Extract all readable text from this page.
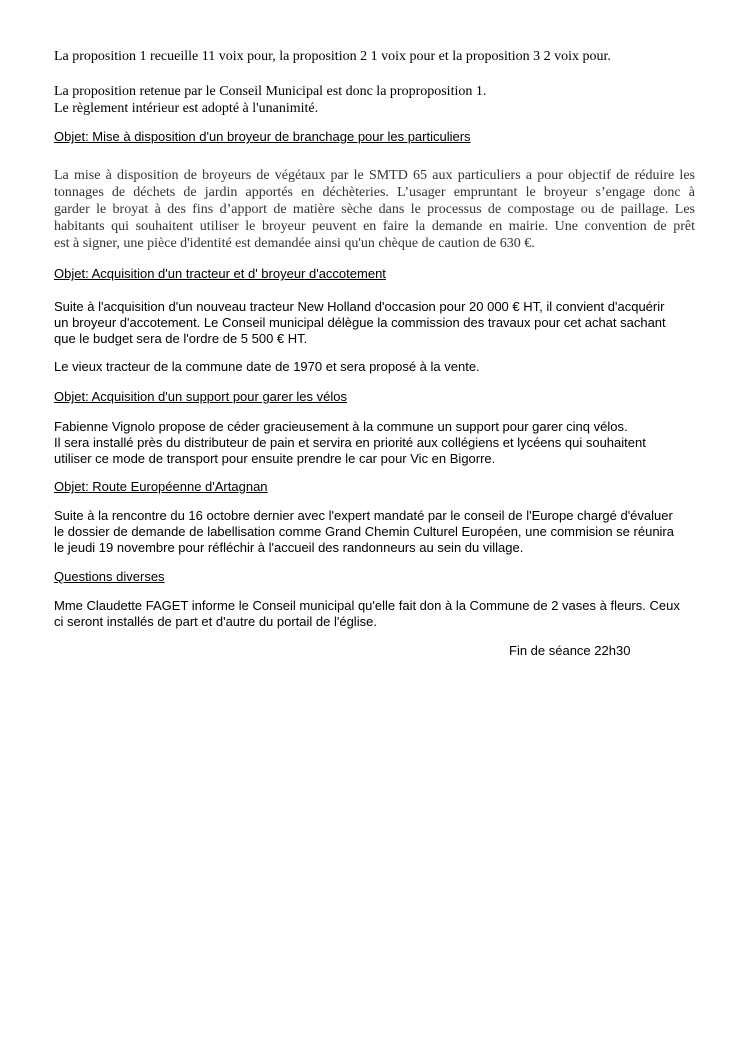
La proposition 1 recueille 11 voix pour, la proposition 2 1 voix pour et la proposition 3 2 voix pour.

La proposition retenue par le Conseil Municipal est donc la proproposition 1.
Le règlement intérieur est adopté à l'unanimité.

Objet: Mise à disposition d'un broyeur de branchage pour les particuliers

La mise à disposition de broyeurs de végétaux par le SMTD 65 aux particuliers a pour objectif de réduire les
tonnages de déchets de jardin apportés en déchèteries. L’usager empruntant le broyeur s’engage donc à
garder le broyat à des fins d’apport de matière sèche dans le processus de compostage ou de paillage. Les
habitants qui souhaitent utiliser le broyeur peuvent en faire la demande en mairie. Une convention de prêt
est à signer, une pièce d'identité est demandée ainsi qu'un chèque de caution de 630 €.

Objet: Acquisition d'un tracteur et d' broyeur d'accotement

Suite à l'acquisition d'un nouveau tracteur New Holland d'occasion pour 20 000 € HT, il convient d'acquérir
un broyeur d'accotement. Le Conseil municipal délègue la commission des travaux pour cet achat sachant
que le budget sera de l'ordre de 5 500 € HT.

Le vieux tracteur de la commune date de 1970 et sera proposé à la vente.

Objet: Acquisition d'un support pour garer les vélos

Fabienne Vignolo propose de céder gracieusement à la commune un support pour garer cinq vélos.
Il sera installé près du distributeur de pain et servira en priorité aux collégiens et lycéens qui souhaitent
utiliser ce mode de transport pour ensuite prendre le car pour Vic en Bigorre.

Objet: Route Européenne d'Artagnan

Suite à la rencontre du 16 octobre dernier avec l'expert mandaté par le conseil de l'Europe chargé d'évaluer
le dossier de demande de labellisation comme Grand Chemin Culturel Européen, une commision se réunira
le jeudi 19 novembre pour réfléchir à l'accueil des randonneurs au sein du village.

Questions diverses

Mme Claudette FAGET informe le Conseil municipal qu'elle fait don à la Commune de 2 vases à fleurs. Ceux
ci seront installés de part et d'autre du portail de l'église.

Fin de séance 22h30
